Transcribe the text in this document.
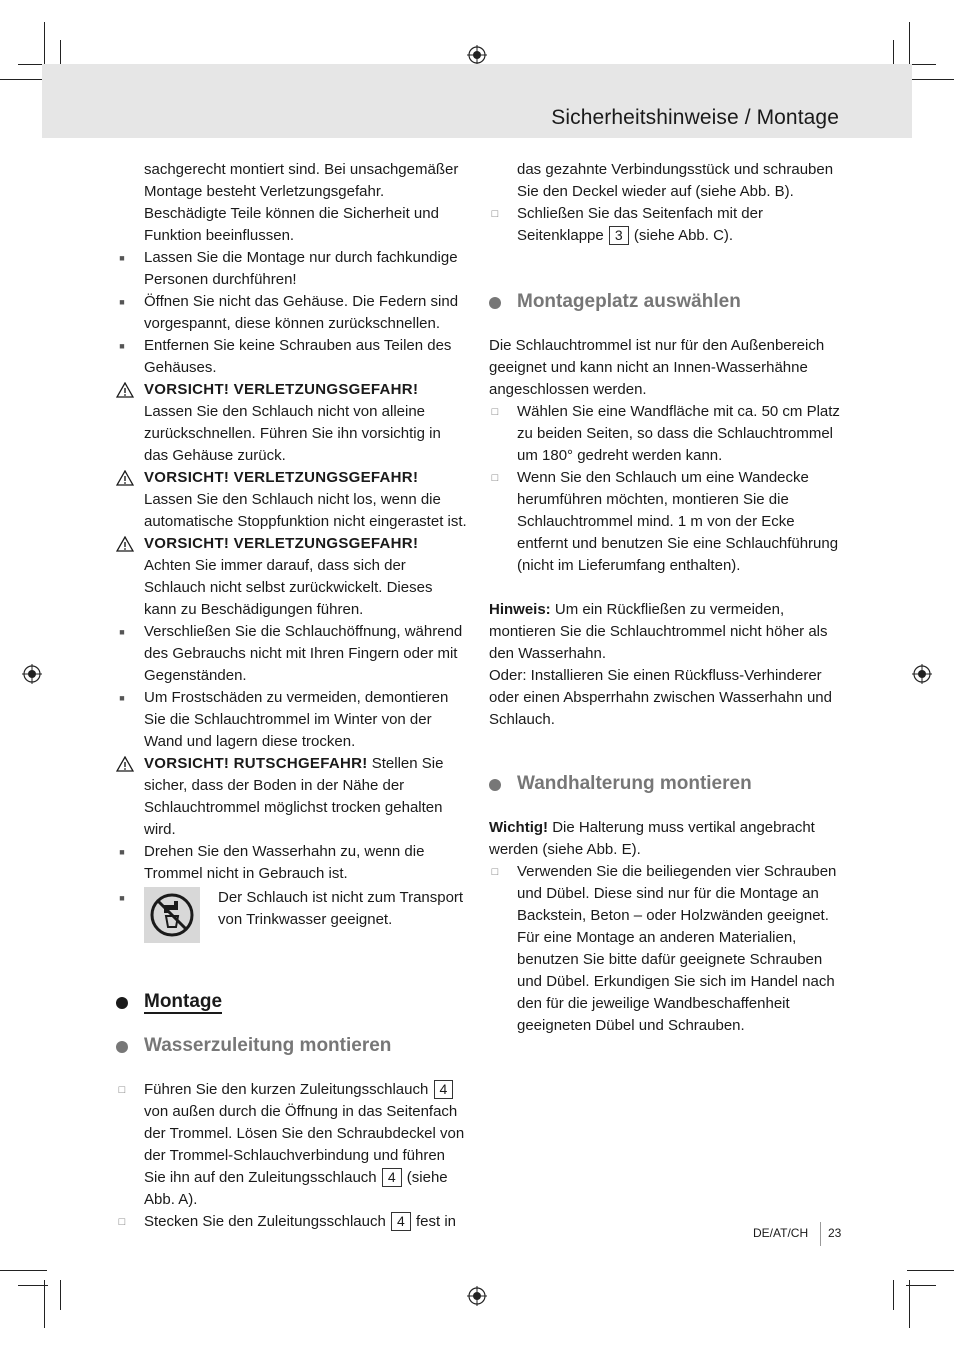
Sicherheitshinweise / Montage

sachgerecht montiert sind. Bei unsachgemäßer Montage besteht Verletzungsgefahr. Beschädigte Teile können die Sicherheit und Funktion beeinflussen.

■ Lassen Sie die Montage nur durch fachkundige Personen durchführen!
■ Öffnen Sie nicht das Gehäuse. Die Federn sind vorgespannt, diese können zurückschnellen.
■ Entfernen Sie keine Schrauben aus Teilen des Gehäuses.
VORSICHT! VERLETZUNGSGEFAHR!
Lassen Sie den Schlauch nicht von alleine zurückschnellen. Führen Sie ihn vorsichtig in das Gehäuse zurück.
VORSICHT! VERLETZUNGSGEFAHR!
Lassen Sie den Schlauch nicht los, wenn die automatische Stoppfunktion nicht eingerastet ist.
VORSICHT! VERLETZUNGSGEFAHR!
Achten Sie immer darauf, dass sich der Schlauch nicht selbst zurückwickelt. Dieses kann zu Beschädigungen führen.
■ Verschließen Sie die Schlauchöffnung, während des Gebrauchs nicht mit Ihren Fingern oder mit Gegenständen.
■ Um Frostschäden zu vermeiden, demontieren Sie die Schlauchtrommel im Winter von der Wand und lagern diese trocken.
VORSICHT! RUTSCHGEFAHR! Stellen Sie sicher, dass der Boden in der Nähe der Schlauchtrommel möglichst trocken gehalten wird.
■ Drehen Sie den Wasserhahn zu, wenn die Trommel nicht in Gebrauch ist.
■	Der Schlauch ist nicht zum Transport von Trinkwasser geeignet.
Montage
Wasserzuleitung montieren
□ Führen Sie den kurzen Zuleitungsschlauch 4 von außen durch die Öffnung in das Seitenfach der Trommel. Lösen Sie den Schraubdeckel von der Trommel-Schlauchverbindung und führen Sie ihn auf den Zuleitungsschlauch 4 (siehe Abb. A).
□ Stecken Sie den Zuleitungsschlauch 4 fest in

das gezahnte Verbindungsstück und schrauben Sie den Deckel wieder auf (siehe Abb. B).

□ Schließen Sie das Seitenfach mit der Seitenklappe 3 (siehe Abb. C).
Montageplatz auswählen

Die Schlauchtrommel ist nur für den Außenbereich geeignet und kann nicht an Innen-Wasserhähne angeschlossen werden.

□ Wählen Sie eine Wandfläche mit ca. 50 cm Platz zu beiden Seiten, so dass die Schlauchtrommel um 180° gedreht werden kann.
□ Wenn Sie den Schlauch um eine Wandecke herumführen möchten, montieren Sie die Schlauchtrommel mind. 1 m von der Ecke entfernt und benutzen Sie eine Schlauchführung (nicht im Lieferumfang enthalten).

Hinweis: Um ein Rückfließen zu vermeiden, montieren Sie die Schlauchtrommel nicht höher als den Wasserhahn.

Oder: Installieren Sie einen Rückfluss-Verhinderer oder einen Absperrhahn zwischen Wasserhahn und Schlauch.

Wandhalterung montieren

Wichtig! Die Halterung muss vertikal angebracht werden (siehe Abb. E).

□ Verwenden Sie die beiliegenden vier Schrauben und Dübel. Diese sind nur für die Montage an Backstein, Beton – oder Holzwänden geeignet. Für eine Montage an anderen Materialien, benutzen Sie bitte dafür geeignete Schrauben und Dübel. Erkundigen Sie sich im Handel nach den für die jeweilige Wandbeschaffenheit geeigneten Dübel und Schrauben.
DE/AT/CH 23
